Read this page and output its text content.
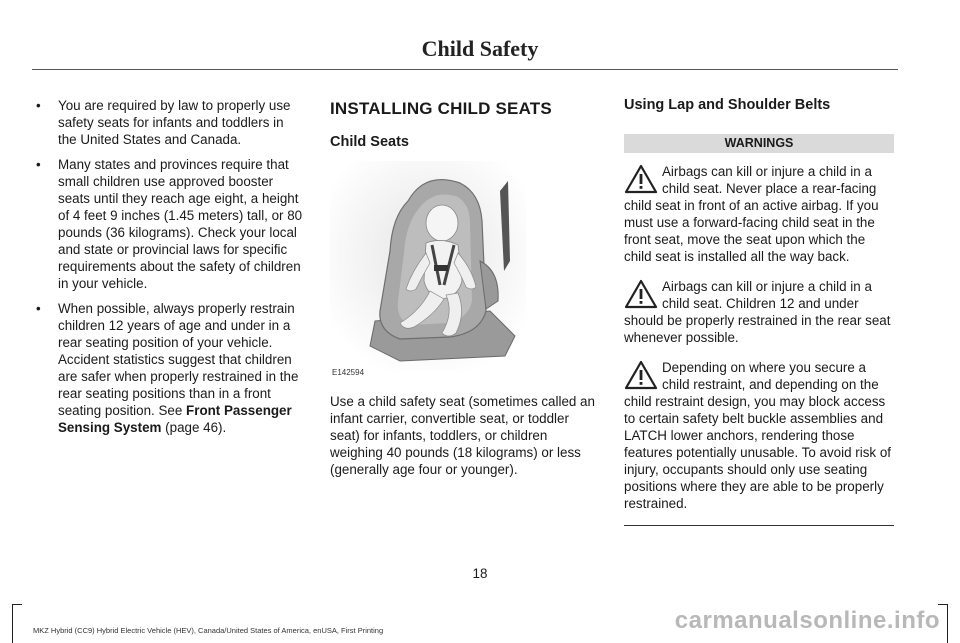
Child Safety
• You are required by law to properly use safety seats for infants and toddlers in the United States and Canada.
• Many states and provinces require that small children use approved booster seats until they reach age eight, a height of 4 feet 9 inches (1.45 meters) tall, or 80 pounds (36 kilograms). Check your local and state or provincial laws for specific requirements about the safety of children in your vehicle.
• When possible, always properly restrain children 12 years of age and under in a rear seating position of your vehicle. Accident statistics suggest that children are safer when properly restrained in the rear seating positions than in a front seating position. See Front Passenger Sensing System (page 46).
INSTALLING CHILD SEATS
Child Seats
E142594
Use a child safety seat (sometimes called an infant carrier, convertible seat, or toddler seat) for infants, toddlers, or children weighing 40 pounds (18 kilograms) or less (generally age four or younger).
Using Lap and Shoulder Belts
WARNINGS
Airbags can kill or injure a child in a child seat. Never place a rear-facing child seat in front of an active airbag. If you must use a forward-facing child seat in the front seat, move the seat upon which the child seat is installed all the way back.
Airbags can kill or injure a child in a child seat. Children 12 and under should be properly restrained in the rear seat whenever possible.
Depending on where you secure a child restraint, and depending on the child restraint design, you may block access to certain safety belt buckle assemblies and LATCH lower anchors, rendering those features potentially unusable. To avoid risk of injury, occupants should only use seating positions where they are able to be properly restrained.
18
MKZ Hybrid (CC9) Hybrid Electric Vehicle (HEV), Canada/United States of America, enUSA, First Printing	carmanualsonline.info
